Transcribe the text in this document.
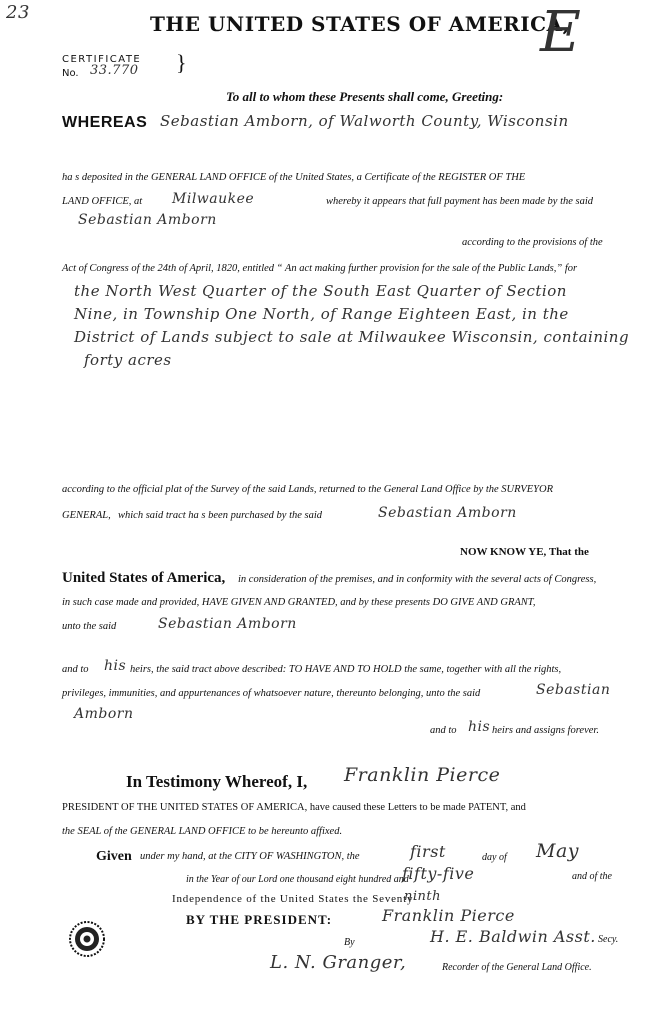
23	THE UNITED STATES OF AMERICA,
E
CERTIFICATE }
No. 33.770
To all to whom these Presents shall come, Greeting:
WHEREAS Sebastian Amborn, of Walworth County, Wisconsin
ha s deposited in the GENERAL LAND OFFICE of the United States, a Certificate of the REGISTER OF THE
LAND OFFICE, at Milwaukee	whereby it appears that full payment has been made by the said
Sebastian Amborn
according to the provisions of the
Act of Congress of the 24th of April, 1820, entitled “ An act making further provision for the sale of the Public Lands,” for
the North West Quarter of the South East Quarter of Section
Nine, in Township One North, of Range Eighteen East, in the
District of Lands subject to sale at Milwaukee Wisconsin, containing
forty acres
according to the official plat of the Survey of the said Lands, returned to the General Land Office by the SURVEYOR
GENERAL, which said tract ha s been purchased by the said	Sebastian Amborn
NOW KNOW YE, That the
United States of America, in consideration of the premises, and in conformity with the several acts of Congress,
in such case made and provided, HAVE GIVEN AND GRANTED, and by these presents DO GIVE AND GRANT,
unto the said	Sebastian Amborn
and to his heirs, the said tract above described: TO HAVE AND TO HOLD the same, together with all the rights,
privileges, immunities, and appurtenances of whatsoever nature, thereunto belonging, unto the said	Sebastian
Amborn
and to his heirs and assigns forever.
In Testimony Whereof, I, Franklin Pierce
PRESIDENT OF THE UNITED STATES OF AMERICA, have caused these Letters to be made PATENT, and
the SEAL of the GENERAL LAND OFFICE to be hereunto affixed.
Given under my hand, at the CITY OF WASHINGTON, the	first	day of May
in the Year of our Lord one thousand eight hundred and
fifty-five	and of the
Independence of the United States the Seventy-
ninth
BY THE PRESIDENT:	Franklin Pierce
By	H. E. Baldwin Asst. Secy.
L. N. Granger,	Recorder of the General Land Office.
